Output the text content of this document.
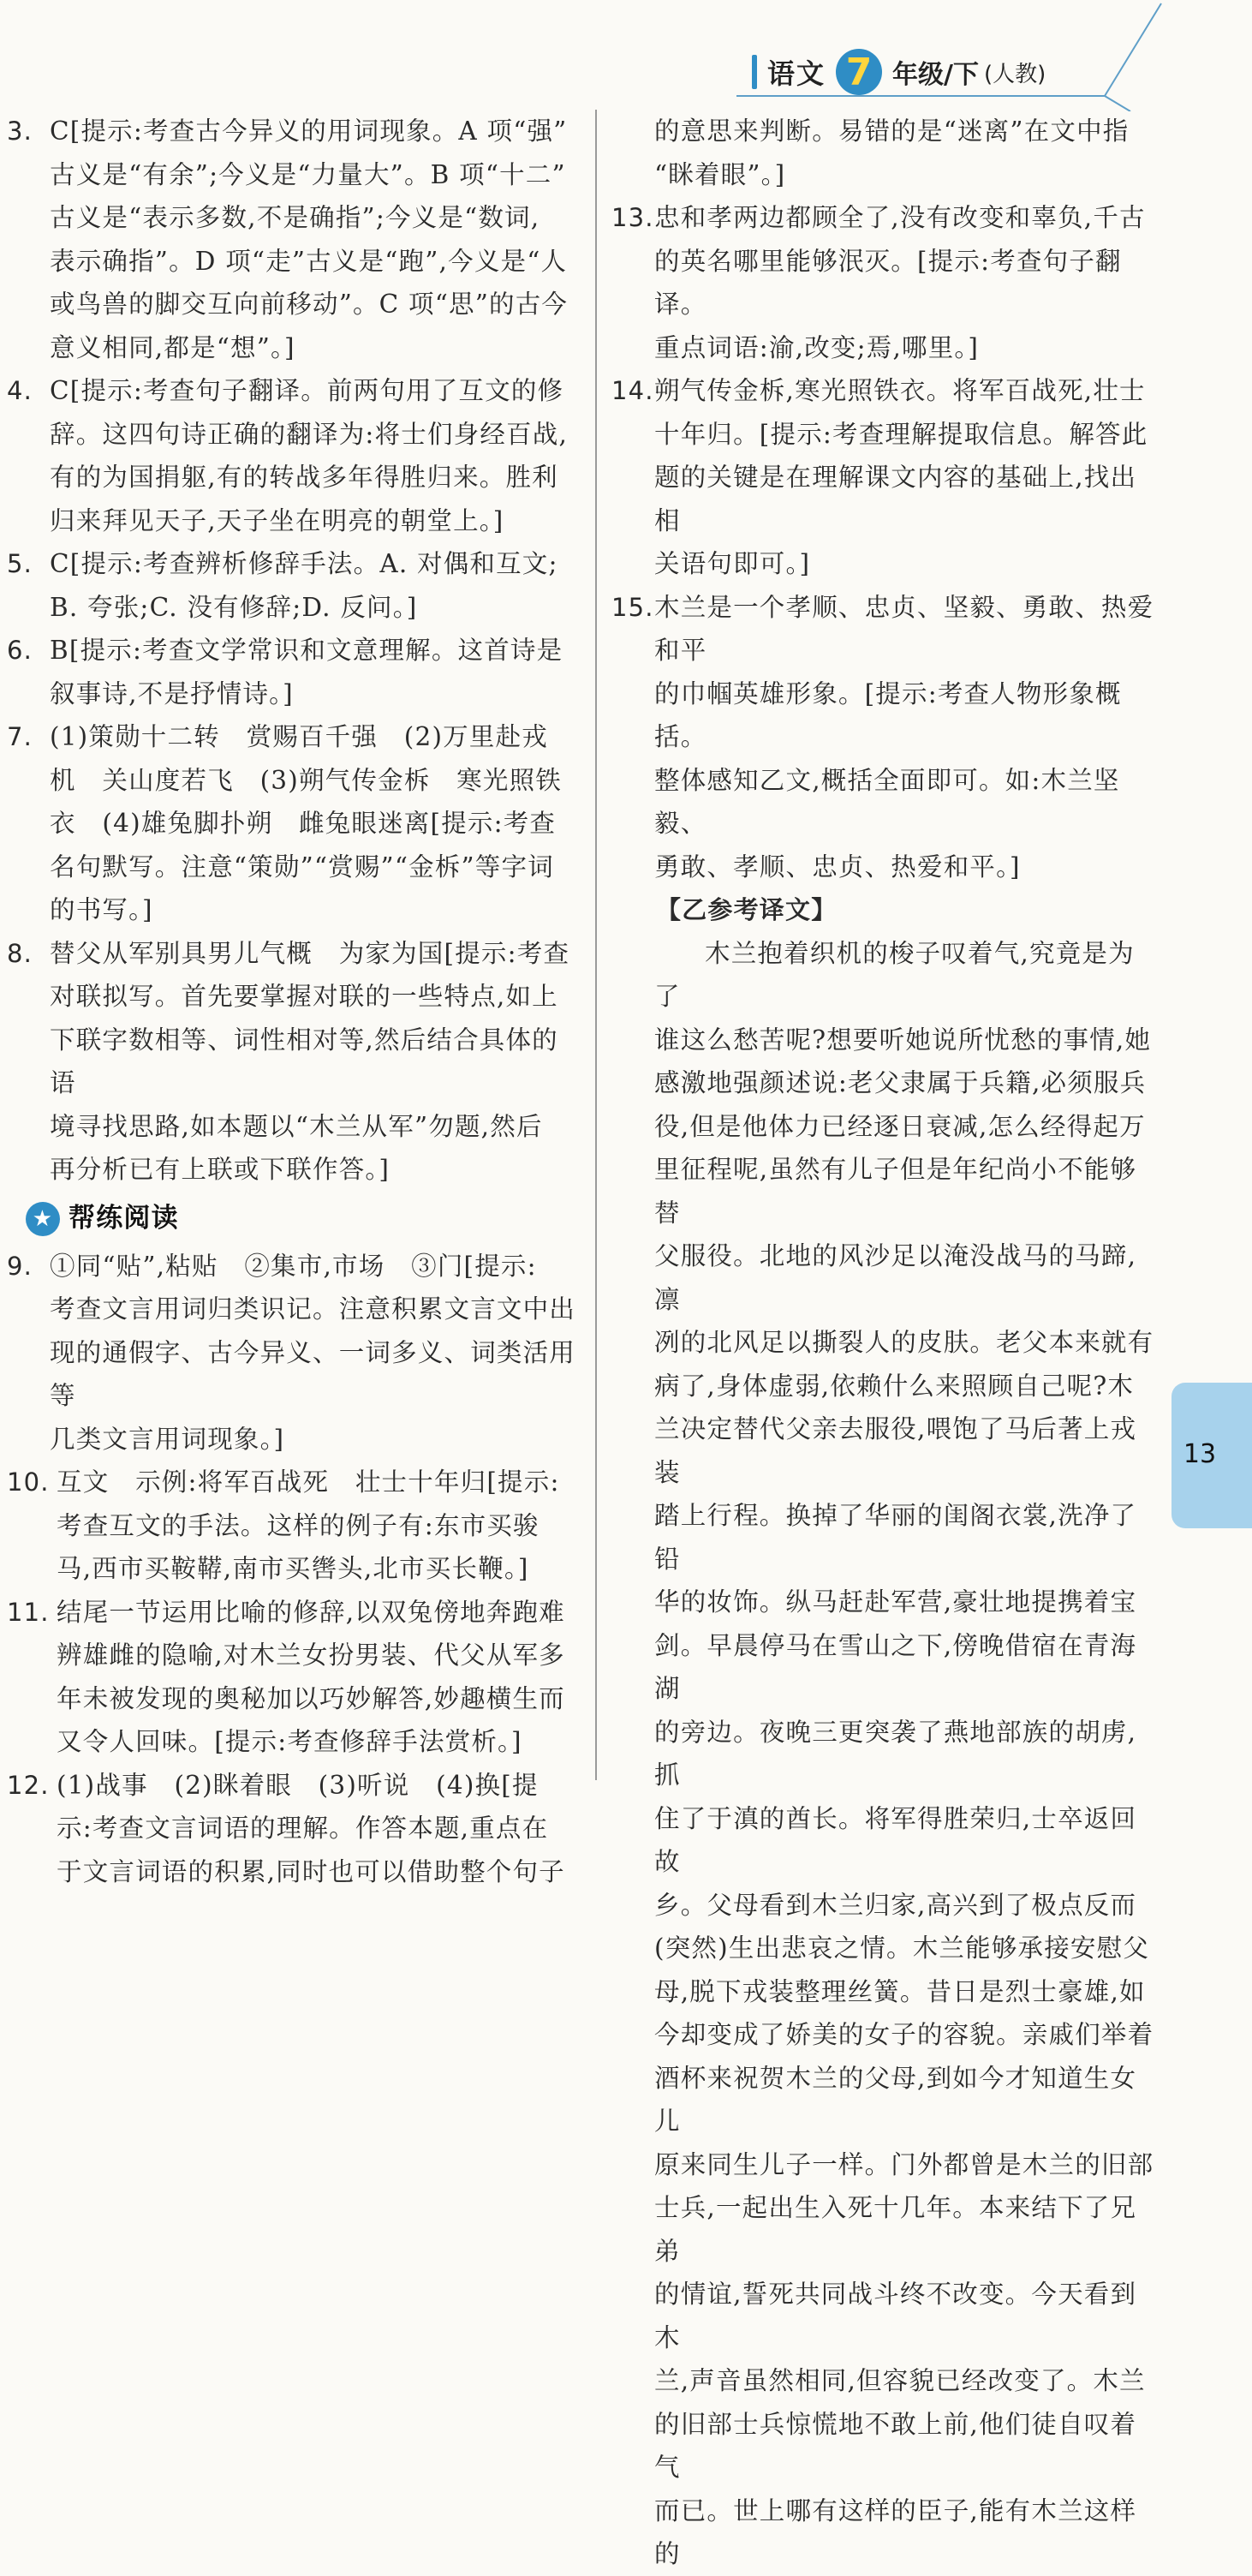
语文 7 年级/下 (人教)
3. C[提示:考查古今异义的用词现象。A 项“强”
古义是“有余”;今义是“力量大”。B 项“十二”
古义是“表示多数,不是确指”;今义是“数词,
表示确指”。D 项“走”古义是“跑”,今义是“人
或鸟兽的脚交互向前移动”。C 项“思”的古今
意义相同,都是“想”。]
4. C[提示:考查句子翻译。前两句用了互文的修
辞。这四句诗正确的翻译为:将士们身经百战,
有的为国捐躯,有的转战多年得胜归来。胜利
归来拜见天子,天子坐在明亮的朝堂上。]
5. C[提示:考查辨析修辞手法。A. 对偶和互文;
B. 夸张;C. 没有修辞;D. 反问。]
6. B[提示:考查文学常识和文意理解。这首诗是
叙事诗,不是抒情诗。]
7. (1)策勋十二转　赏赐百千强　(2)万里赴戎
机　关山度若飞　(3)朔气传金柝　寒光照铁
衣　(4)雄兔脚扑朔　雌兔眼迷离[提示:考查
名句默写。注意“策勋”“赏赐”“金柝”等字词
的书写。]
8. 替父从军别具男儿气概　为家为国[提示:考查
对联拟写。首先要掌握对联的一些特点,如上
下联字数相等、词性相对等,然后结合具体的语
境寻找思路,如本题以“木兰从军”勿题,然后
再分析已有上联或下联作答。]
★ 帮练阅读
9. ①同“贴”,粘贴　②集市,市场　③门[提示:
考查文言用词归类识记。注意积累文言文中出
现的通假字、古今异义、一词多义、词类活用等
几类文言用词现象。]
10. 互文　示例:将军百战死　壮士十年归[提示:
考查互文的手法。这样的例子有:东市买骏
马,西市买鞍鞯,南市买辔头,北市买长鞭。]
11. 结尾一节运用比喻的修辞,以双兔傍地奔跑难
辨雄雌的隐喻,对木兰女扮男装、代父从军多
年未被发现的奥秘加以巧妙解答,妙趣横生而
又令人回味。[提示:考查修辞手法赏析。]
12. (1)战事　(2)眯着眼　(3)听说　(4)换[提
示:考查文言词语的理解。作答本题,重点在
于文言词语的积累,同时也可以借助整个句子
的意思来判断。易错的是“迷离”在文中指
“眯着眼”。]
13. 忠和孝两边都顾全了,没有改变和辜负,千古
的英名哪里能够泯灭。[提示:考查句子翻译。
重点词语:渝,改变;焉,哪里。]
14. 朔气传金柝,寒光照铁衣。将军百战死,壮士
十年归。[提示:考查理解提取信息。解答此
题的关键是在理解课文内容的基础上,找出相
关语句即可。]
15. 木兰是一个孝顺、忠贞、坚毅、勇敢、热爱和平
的巾帼英雄形象。[提示:考查人物形象概括。
整体感知乙文,概括全面即可。如:木兰坚毅、
勇敢、孝顺、忠贞、热爱和平。]
【乙参考译文】
木兰抱着织机的梭子叹着气,究竟是为了
谁这么愁苦呢?想要听她说所忧愁的事情,她
感激地强颜述说:老父隶属于兵籍,必须服兵
役,但是他体力已经逐日衰减,怎么经得起万
里征程呢,虽然有儿子但是年纪尚小不能够替
父服役。北地的风沙足以淹没战马的马蹄,凛
冽的北风足以撕裂人的皮肤。老父本来就有
病了,身体虚弱,依赖什么来照顾自己呢?木
兰决定替代父亲去服役,喂饱了马后著上戎装
踏上行程。换掉了华丽的闺阁衣裳,洗净了铅
华的妆饰。纵马赶赴军营,豪壮地提携着宝
剑。早晨停马在雪山之下,傍晚借宿在青海湖
的旁边。夜晚三更突袭了燕地部族的胡虏,抓
住了于滇的酋长。将军得胜荣归,士卒返回故
乡。父母看到木兰归家,高兴到了极点反而
(突然)生出悲哀之情。木兰能够承接安慰父
母,脱下戎装整理丝簧。昔日是烈士豪雄,如
今却变成了娇美的女子的容貌。亲戚们举着
酒杯来祝贺木兰的父母,到如今才知道生女儿
原来同生儿子一样。门外都曾是木兰的旧部
士兵,一起出生入死十几年。本来结下了兄弟
的情谊,誓死共同战斗终不改变。今天看到木
兰,声音虽然相同,但容貌已经改变了。木兰
的旧部士兵惊慌地不敢上前,他们徒自叹着气
而已。世上哪有这样的臣子,能有木兰这样的
13
